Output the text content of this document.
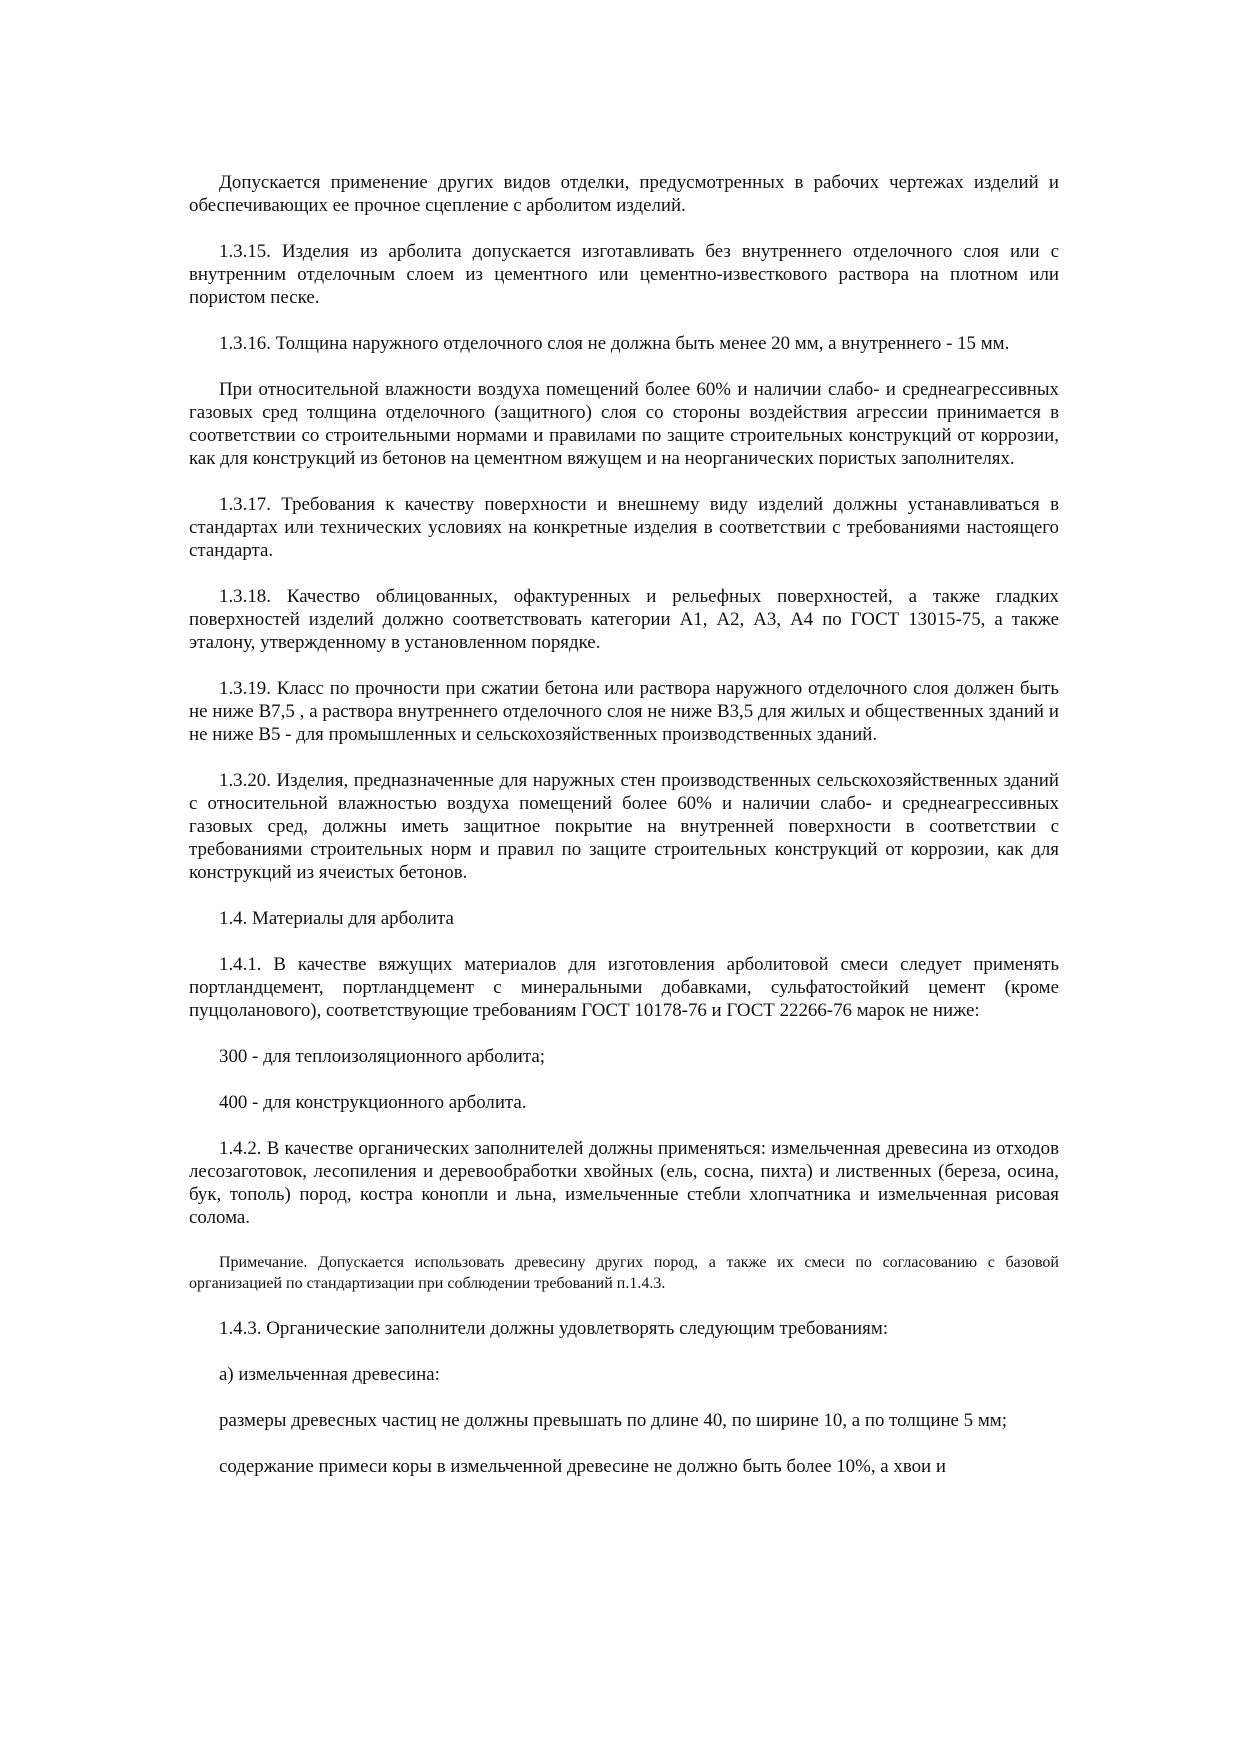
Допускается применение других видов отделки, предусмотренных в рабочих чертежах изделий и обеспечивающих ее прочное сцепление с арболитом изделий.

1.3.15. Изделия из арболита допускается изготавливать без внутреннего отделочного слоя или с внутренним отделочным слоем из цементного или цементно-известкового раствора на плотном или пористом песке.

1.3.16. Толщина наружного отделочного слоя не должна быть менее 20 мм, а внутреннего - 15 мм.

При относительной влажности воздуха помещений более 60% и наличии слабо- и среднеагрессивных газовых сред толщина отделочного (защитного) слоя со стороны воздействия агрессии принимается в соответствии со строительными нормами и правилами по защите строительных конструкций от коррозии, как для конструкций из бетонов на цементном вяжущем и на неорганических пористых заполнителях.

1.3.17. Требования к качеству поверхности и внешнему виду изделий должны устанавливаться в стандартах или технических условиях на конкретные изделия в соответствии с требованиями настоящего стандарта.

1.3.18. Качество облицованных, офактуренных и рельефных поверхностей, а также гладких поверхностей изделий должно соответствовать категории А1, А2, А3, А4 по ГОСТ 13015-75, а также эталону, утвержденному в установленном порядке.

1.3.19. Класс по прочности при сжатии бетона или раствора наружного отделочного слоя должен быть не ниже В7,5 , а раствора внутреннего отделочного слоя не ниже В3,5 для жилых и общественных зданий и не ниже В5 - для промышленных и сельскохозяйственных производственных зданий.

1.3.20. Изделия, предназначенные для наружных стен производственных сельскохозяйственных зданий с относительной влажностью воздуха помещений более 60% и наличии слабо- и среднеагрессивных газовых сред, должны иметь защитное покрытие на внутренней поверхности в соответствии с требованиями строительных норм и правил по защите строительных конструкций от коррозии, как для конструкций из ячеистых бетонов.

1.4. Материалы для арболита

1.4.1. В качестве вяжущих материалов для изготовления арболитовой смеси следует применять портландцемент, портландцемент с минеральными добавками, сульфатостойкий цемент (кроме пуццоланового), соответствующие требованиям ГОСТ 10178-76 и ГОСТ 22266-76 марок не ниже:

300 - для теплоизоляционного арболита;

400 - для конструкционного арболита.

1.4.2. В качестве органических заполнителей должны применяться: измельченная древесина из отходов лесозаготовок, лесопиления и деревообработки хвойных (ель, сосна, пихта) и лиственных (береза, осина, бук, тополь) пород, костра конопли и льна, измельченные стебли хлопчатника и измельченная рисовая солома.

Примечание. Допускается использовать древесину других пород, а также их смеси по согласованию с базовой организацией по стандартизации при соблюдении требований п.1.4.3.

1.4.3. Органические заполнители должны удовлетворять следующим требованиям:

а) измельченная древесина:

размеры древесных частиц не должны превышать по длине 40, по ширине 10, а по толщине 5 мм;

содержание примеси коры в измельченной древесине не должно быть более 10%, а хвои и
